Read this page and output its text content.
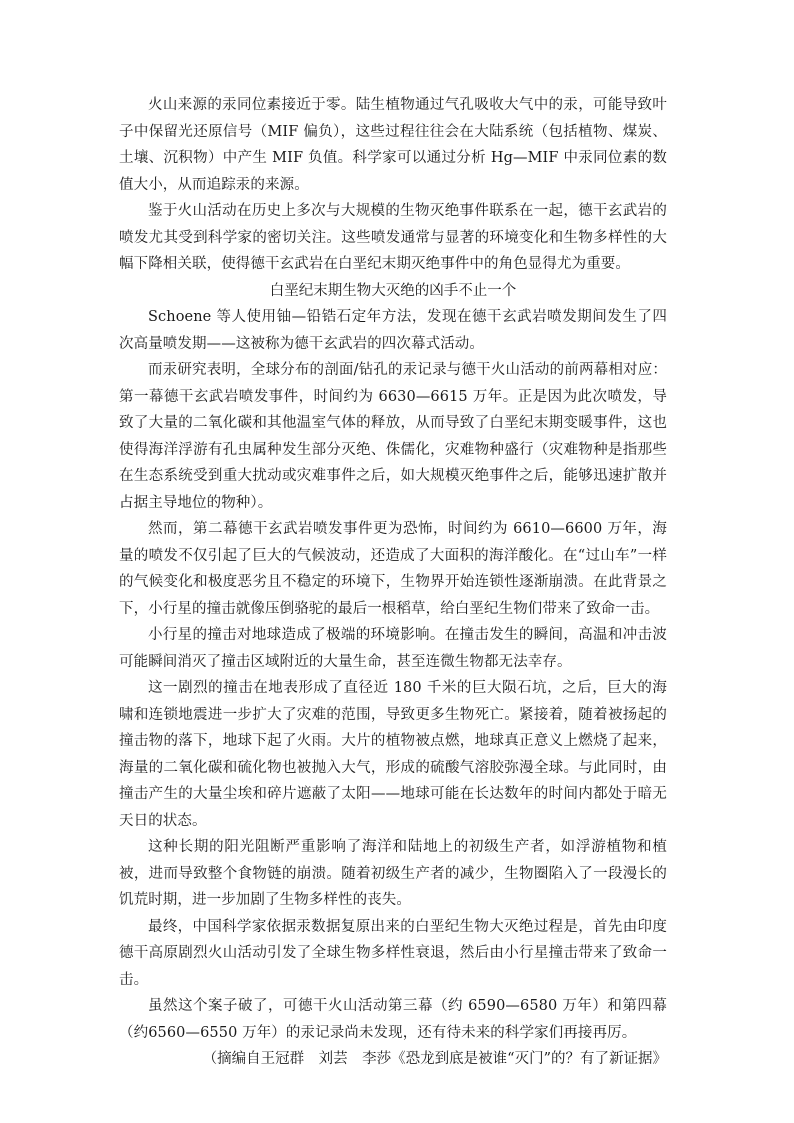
火山来源的汞同位素接近于零。陆生植物通过气孔吸收大气中的汞，可能导致叶子中保留光还原信号（MIF 偏负），这些过程往往会在大陆系统（包括植物、煤炭、土壤、沉积物）中产生 MIF 负值。科学家可以通过分析 Hg—MIF 中汞同位素的数值大小，从而追踪汞的来源。

鉴于火山活动在历史上多次与大规模的生物灭绝事件联系在一起，德干玄武岩的喷发尤其受到科学家的密切关注。这些喷发通常与显著的环境变化和生物多样性的大幅下降相关联，使得德干玄武岩在白垩纪末期灭绝事件中的角色显得尤为重要。

白垩纪末期生物大灭绝的凶手不止一个

Schoene 等人使用铀—铅锆石定年方法，发现在德干玄武岩喷发期间发生了四次高量喷发期——这被称为德干玄武岩的四次幕式活动。

而汞研究表明，全球分布的剖面/钻孔的汞记录与德干火山活动的前两幕相对应：第一幕德干玄武岩喷发事件，时间约为 6630—6615 万年。正是因为此次喷发，导致了大量的二氧化碳和其他温室气体的释放，从而导致了白垩纪末期变暖事件，这也使得海洋浮游有孔虫属种发生部分灭绝、侏儒化，灾难物种盛行（灾难物种是指那些在生态系统受到重大扰动或灾难事件之后，如大规模灭绝事件之后，能够迅速扩散并占据主导地位的物种）。

然而，第二幕德干玄武岩喷发事件更为恐怖，时间约为 6610—6600 万年，海量的喷发不仅引起了巨大的气候波动，还造成了大面积的海洋酸化。在“过山车”一样的气候变化和极度恶劣且不稳定的环境下，生物界开始连锁性逐渐崩溃。在此背景之下，小行星的撞击就像压倒骆驼的最后一根稻草，给白垩纪生物们带来了致命一击。

小行星的撞击对地球造成了极端的环境影响。在撞击发生的瞬间，高温和冲击波可能瞬间消灭了撞击区域附近的大量生命，甚至连微生物都无法幸存。

这一剧烈的撞击在地表形成了直径近 180 千米的巨大陨石坑，之后，巨大的海啸和连锁地震进一步扩大了灾难的范围，导致更多生物死亡。紧接着，随着被扬起的撞击物的落下，地球下起了火雨。大片的植物被点燃，地球真正意义上燃烧了起来，海量的二氧化碳和硫化物也被抛入大气，形成的硫酸气溶胶弥漫全球。与此同时，由撞击产生的大量尘埃和碎片遮蔽了太阳——地球可能在长达数年的时间内都处于暗无天日的状态。

这种长期的阳光阻断严重影响了海洋和陆地上的初级生产者，如浮游植物和植被，进而导致整个食物链的崩溃。随着初级生产者的减少，生物圈陷入了一段漫长的饥荒时期，进一步加剧了生物多样性的丧失。

最终，中国科学家依据汞数据复原出来的白垩纪生物大灭绝过程是，首先由印度德干高原剧烈火山活动引发了全球生物多样性衰退，然后由小行星撞击带来了致命一击。

虽然这个案子破了，可德干火山活动第三幕（约 6590—6580 万年）和第四幕（约6560—6550 万年）的汞记录尚未发现，还有待未来的科学家们再接再厉。

（摘编自王冠群　刘芸　李莎《恐龙到底是被谁“灭门”的？有了新证据》
